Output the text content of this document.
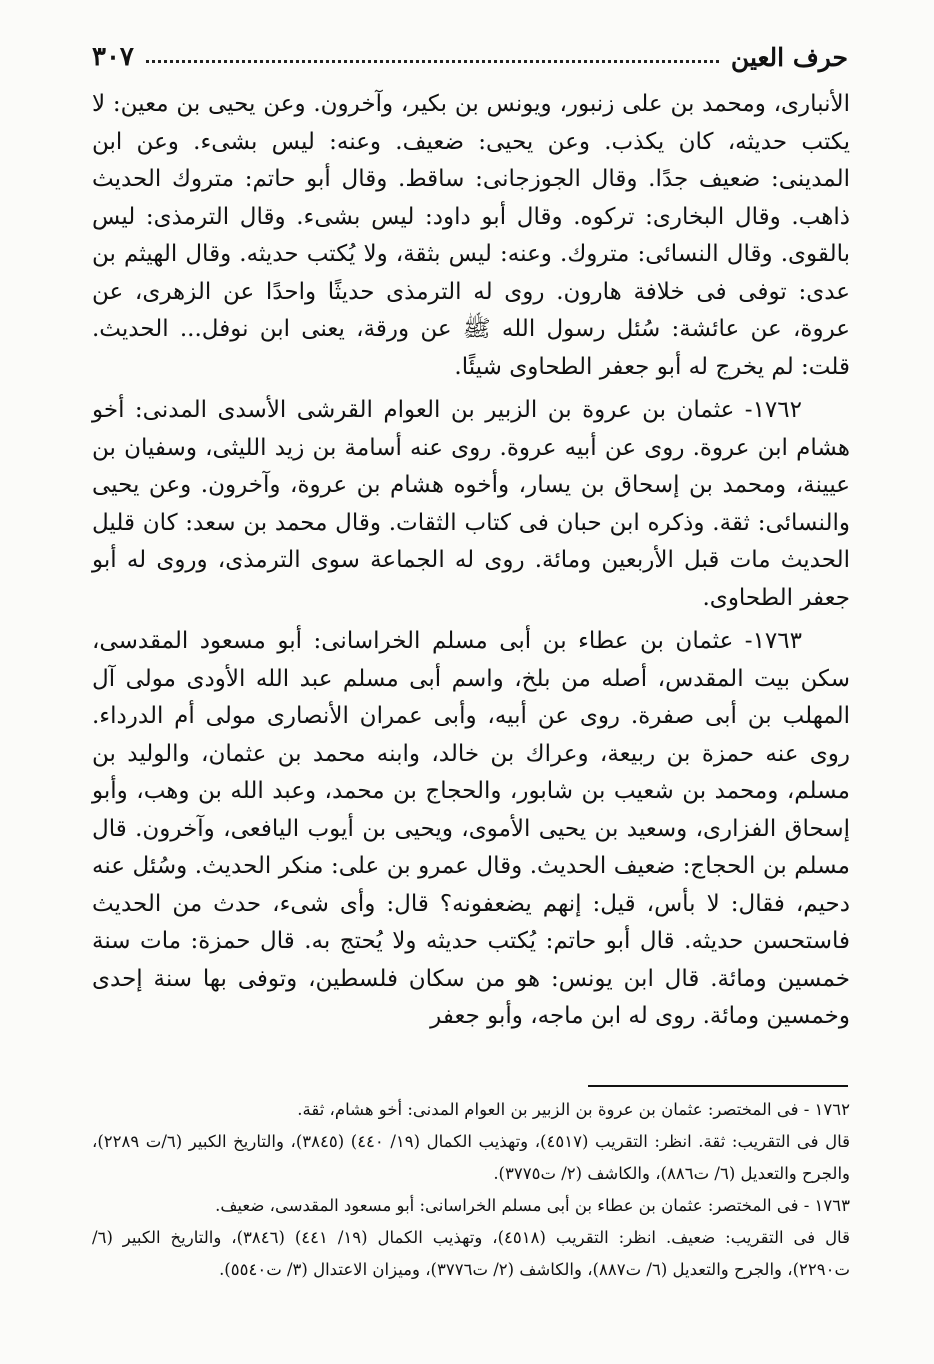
حرف العين
٣٠٧

الأنبارى، ومحمد بن على زنبور، ويونس بن بكير، وآخرون. وعن يحيى بن معين: لا يكتب حديثه، كان يكذب. وعن يحيى: ضعيف. وعنه: ليس بشىء. وعن ابن المدينى: ضعيف جدًا. وقال الجوزجانى: ساقط. وقال أبو حاتم: متروك الحديث ذاهب. وقال البخارى: تركوه. وقال أبو داود: ليس بشىء. وقال الترمذى: ليس بالقوى. وقال النسائى: متروك. وعنه: ليس بثقة، ولا يُكتب حديثه. وقال الهيثم بن عدى: توفى فى خلافة هارون. روى له الترمذى حديثًا واحدًا عن الزهرى، عن عروة، عن عائشة: سُئل رسول الله ﷺ عن ورقة، يعنى ابن نوفل... الحديث. قلت: لم يخرج له أبو جعفر الطحاوى شيئًا.

١٧٦٢- عثمان بن عروة بن الزبير بن العوام القرشى الأسدى المدنى: أخو هشام ابن عروة. روى عن أبيه عروة. روى عنه أسامة بن زيد الليثى، وسفيان بن عيينة، ومحمد بن إسحاق بن يسار، وأخوه هشام بن عروة، وآخرون. وعن يحيى والنسائى: ثقة. وذكره ابن حبان فى كتاب الثقات. وقال محمد بن سعد: كان قليل الحديث مات قبل الأربعين ومائة. روى له الجماعة سوى الترمذى، وروى له أبو جعفر الطحاوى.

١٧٦٣- عثمان بن عطاء بن أبى مسلم الخراسانى: أبو مسعود المقدسى، سكن بيت المقدس، أصله من بلخ، واسم أبى مسلم عبد الله الأودى مولى آل المهلب بن أبى صفرة. روى عن أبيه، وأبى عمران الأنصارى مولى أم الدرداء. روى عنه حمزة بن ربيعة، وعراك بن خالد، وابنه محمد بن عثمان، والوليد بن مسلم، ومحمد بن شعيب بن شابور، والحجاج بن محمد، وعبد الله بن وهب، وأبو إسحاق الفزارى، وسعيد بن يحيى الأموى، ويحيى بن أيوب اليافعى، وآخرون. قال مسلم بن الحجاج: ضعيف الحديث. وقال عمرو بن على: منكر الحديث. وسُئل عنه دحيم، فقال: لا بأس، قيل: إنهم يضعفونه؟ قال: وأى شىء، حدث من الحديث فاستحسن حديثه. قال أبو حاتم: يُكتب حديثه ولا يُحتج به. قال حمزة: مات سنة خمسين ومائة. قال ابن يونس: هو من سكان فلسطين، وتوفى بها سنة إحدى وخمسين ومائة. روى له ابن ماجه، وأبو جعفر

١٧٦٢ - فى المختصر: عثمان بن عروة بن الزبير بن العوام المدنى: أخو هشام، ثقة.

قال فى التقريب: ثقة. انظر: التقريب (٤٥١٧)، وتهذيب الكمال (١٩/ ٤٤٠) (٣٨٤٥)، والتاريخ الكبير (٦/ت ٢٢٨٩)، والجرح والتعديل (٦/ ت٨٨٦)، والكاشف (٢/ ت٣٧٧٥).

١٧٦٣ - فى المختصر: عثمان بن عطاء بن أبى مسلم الخراسانى: أبو مسعود المقدسى، ضعيف.

قال فى التقريب: ضعيف. انظر: التقريب (٤٥١٨)، وتهذيب الكمال (١٩/ ٤٤١) (٣٨٤٦)، والتاريخ الكبير (٦/ ت٢٢٩٠)، والجرح والتعديل (٦/ ت٨٨٧)، والكاشف (٢/ ت٣٧٧٦)، وميزان الاعتدال (٣/ ت٥٥٤٠).
